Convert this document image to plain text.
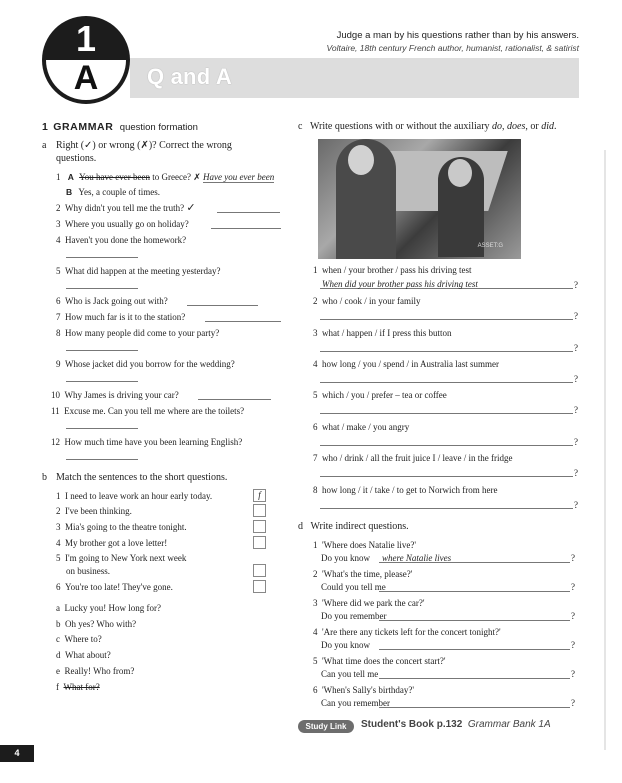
1
A	Q and A
Judge a man by his questions rather than by his answers.
Voltaire, 18th century French author, humanist, rationalist, & satirist
1 GRAMMAR question formation
a Right (✓) or wrong (✗)? Correct the wrong
questions.
1 A You have ever been to Greece? ✗ Have you ever been
B Yes, a couple of times.
2 Why didn't you tell me the truth? ✓
3 Where you usually go on holiday?
4 Haven't you done the homework?
5 What did happen at the meeting yesterday?
6 Who is Jack going out with?
7 How much far is it to the station?
8 How many people did come to your party?
9 Whose jacket did you borrow for the wedding?
10 Why James is driving your car?
11 Excuse me. Can you tell me where are the toilets?
12 How much time have you been learning English?
b Match the sentences to the short questions.
1 I need to leave work an hour early today.	f
2 I've been thinking.
3 Mia's going to the theatre tonight.
4 My brother got a love letter!
5 I'm going to New York next week
on business.
6 You're too late! They've gone.
a Lucky you! How long for?
b Oh yes? Who with?
c Where to?
d What about?
e Really! Who from?
f What for?
c Write questions with or without the auxiliary do, does, or did.
ASSET:G
1 when / your brother / pass his driving test
When did your brother pass his driving test	?
2 who / cook / in your family
?
3 what / happen / if I press this button
?
4 how long / you / spend / in Australia last summer
?
5 which / you / prefer – tea or coffee
?
6 what / make / you angry
?
7 who / drink / all the fruit juice I / leave / in the fridge
?
8 how long / it / take / to get to Norwich from here
?
d Write indirect questions.
1 'Where does Natalie live?'
Do you know where Natalie lives	?
2 'What's the time, please?'
Could you tell me	?
3 'Where did we park the car?'
Do you remember	?
4 'Are there any tickets left for the concert tonight?'
Do you know	?
5 'What time does the concert start?'
Can you tell me	?
6 'When's Sally's birthday?'
Can you remember	?
Study Link	Student's Book p.132 Grammar Bank 1A
4
